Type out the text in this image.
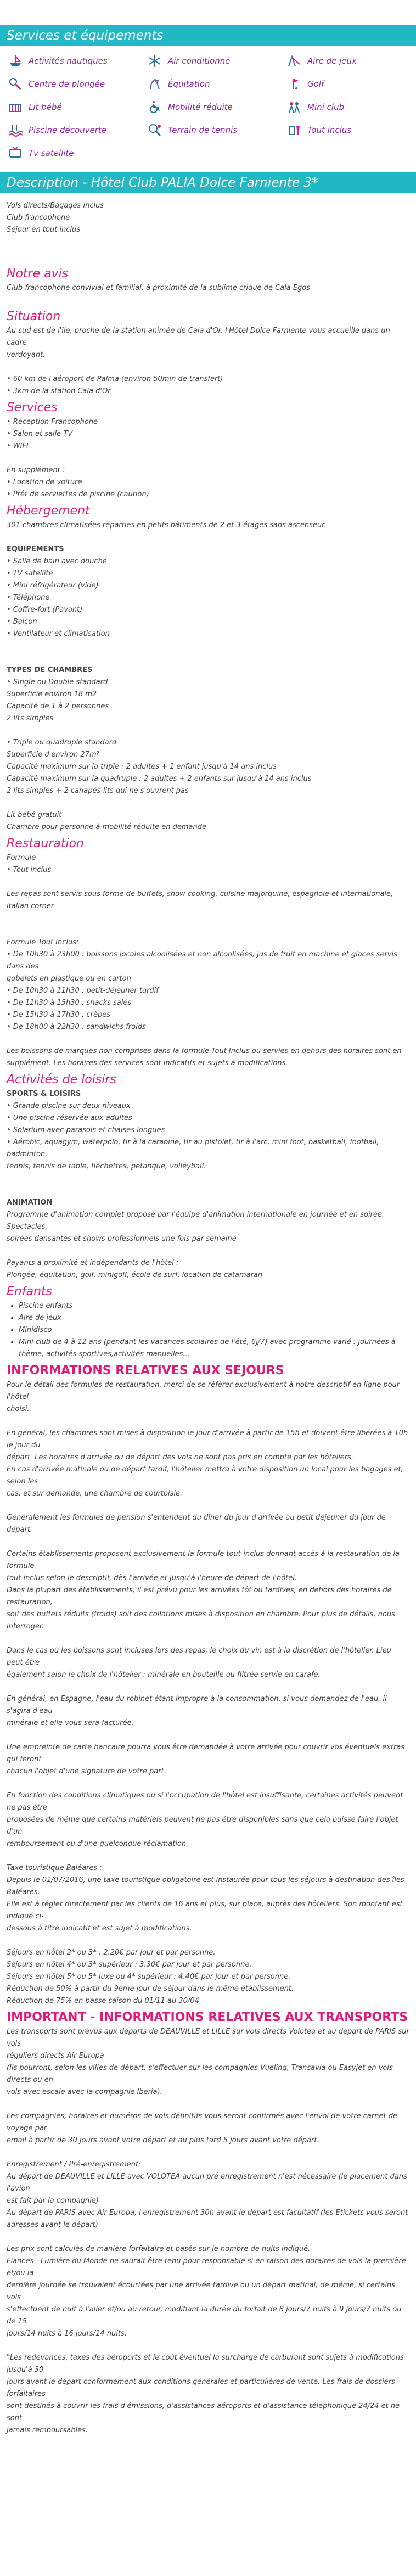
Services et équipements
Activités nautiques	Air conditionné	Aire de jeux
Centre de plongée	Équitation	Golf
Lit bébé	Mobilité réduite	Mini club
Piscine découverte	Terrain de tennis	Tout inclus
Tv satellite
Description - Hôtel Club PALIA Dolce Farniente 3*
Vols directs/Bagages inclus
Club francophone
Séjour en tout inclus
Notre avis
Club francophone convivial et familial, à proximité de la sublime crique de Cala Egos
Situation
Au sud est de l'île, proche de la station animée de Cala d'Or, l'Hôtel Dolce Farniente vous accueille dans un cadre
verdoyant.
• 60 km de l'aéroport de Palma (environ 50min de transfert)
• 3km de la station Cala d'Or
Services
• Réception Francophone
• Salon et salle TV
• WIFI
En supplément :
• Location de voiture
• Prêt de serviettes de piscine (caution)
Hébergement
301 chambres climatisées réparties en petits bâtiments de 2 et 3 étages sans ascenseur.
EQUIPEMENTS
• Salle de bain avec douche
• TV satellite
• Mini réfrigérateur (vide)
• Téléphone
• Coffre-fort (Payant)
• Balcon
• Ventilateur et climatisation
TYPES DE CHAMBRES
• Single ou Double standard
Superficie environ 18 m2
Capacité de 1 à 2 personnes
2 lits simples
• Triple ou quadruple standard
Superficie d'environ 27m²
Capacité maximum sur la triple : 2 adultes + 1 enfant jusqu'à 14 ans inclus
Capacité maximum sur la quadruple : 2 adultes + 2 enfants sur jusqu'à 14 ans inclus
2 lits simples + 2 canapés-lits qui ne s'ouvrent pas
Lit bébé gratuit
Chambre pour personne à mobilité réduite en demande
Restauration
Formule
• Tout inclus
Les repas sont servis sous forme de buffets, show cooking, cuisine majorquine, espagnole et internationale, italian corner
Formule Tout Inclus:
• De 10h30 à 23h00 : boissons locales alcoolisées et non alcoolisées, jus de fruit en machine et glaces servis dans des
gobelets en plastique ou en carton
• De 10h30 à 11h30 : petit-déjeuner tardif
• De 11h30 à 15h30 : snacks salés
• De 15h30 à 17h30 : crêpes
• De 18h00 à 22h30 : sandwichs froids
Les boissons de marques non comprises dans la formule Tout Inclus ou servies en dehors des horaires sont en
supplément. Les horaires des services sont indicatifs et sujets à modifications.
Activités de loisirs
SPORTS & LOISIRS
• Grande piscine sur deux niveaux
• Une piscine réservée aux adultes
• Solarium avec parasols et chaises longues
• Aérobic, aquagym, waterpolo, tir à la carabine, tir au pistolet, tir à l'arc, mini foot, basketball, football, badminton,
tennis, tennis de table, fléchettes, pétanque, volleyball.
ANIMATION
Programme d'animation complet proposé par l'équipe d'animation internationale en journée et en soirée. Spectacles,
soirées dansantes et shows professionnels une fois par semaine
Payants à proximité et indépendants de l'hôtel :
Plongée, équitation, golf, minigolf, école de surf, location de catamaran
Enfants
• Piscine enfants
• Aire de jeux
• Minidisco
• Mini club de 4 à 12 ans (pendant les vacances scolaires de l'été, 6j/7) avec programme varié : journées à thème, activités sportives,activités manuelles...
INFORMATIONS RELATIVES AUX SEJOURS
Pour le détail des formules de restauration, merci de se référer exclusivement à notre descriptif en ligne pour l'hôtel
choisi.
En général, les chambres sont mises à disposition le jour d'arrivée à partir de 15h et doivent être libérées à 10h le jour du
départ. Les horaires d'arrivée ou de départ des vols ne sont pas pris en compte par les hôteliers.
En cas d'arrivée matinale ou de départ tardif, l'hôtelier mettra à votre disposition un local pour les bagages et, selon les
cas, et sur demande, une chambre de courtoisie.
Généralement les formules de pension s'entendent du dîner du jour d'arrivée au petit déjeuner du jour de départ.
Certains établissements proposent exclusivement la formule tout-inclus donnant accès à la restauration de la formule
tout inclus selon le descriptif, dès l'arrivée et jusqu'à l'heure de départ de l'hôtel.
Dans la plupart des établissements, il est prévu pour les arrivées tôt ou tardives, en dehors des horaires de restauration,
soit des buffets réduits (froids) soit des collations mises à disposition en chambre. Pour plus de détails, nous interroger.
Dans le cas où les boissons sont incluses lors des repas, le choix du vin est à la discrétion de l'hôtelier. Lieu peut être
également selon le choix de l'hôtelier : minérale en bouteille ou filtrée servie en carafe.
En général, en Espagne, l'eau du robinet étant impropre à la consommation, si vous demandez de l'eau, il s'agira d'eau
minérale et elle vous sera facturée.
Une empreinte de carte bancaire pourra vous être demandée à votre arrivée pour couvrir vos éventuels extras qui feront
chacun l'objet d'une signature de votre part.
En fonction des conditions climatiques ou si l'occupation de l'hôtel est insuffisante, certaines activités peuvent ne pas être
proposées de même que certains matériels peuvent ne pas être disponibles sans que cela puisse faire l'objet d'un
remboursement ou d'une quelconque réclamation.
Taxe touristique Baléares :
Depuis le 01/07/2016, une taxe touristique obligatoire est instaurée pour tous les séjours à destination des îles Baléares.
Elle est à régler directement par les clients de 16 ans et plus, sur place, auprès des hôteliers. Son montant est indiqué ci-
dessous à titre indicatif et est sujet à modifications.
Séjours en hôtel 2* ou 3* : 2.20€ par jour et par personne.
Séjours en hôtel 4* ou 3* supérieur : 3.30€ par jour et par personne.
Séjours en hôtel 5* ou 5* luxe ou 4* supérieur : 4.40€ par jour et par personne.
Réduction de 50% à partir du 9ème jour de séjour dans le même établissement.
Réduction de 75% en basse saison du 01/11 au 30/04
IMPORTANT - INFORMATIONS RELATIVES AUX TRANSPORTS
Les transports sont prévus aux départs de DEAUVILLE et LILLE sur vols directs Volotea et au départ de PARIS sur vols
réguliers directs Air Europa
(Ils pourront, selon les villes de départ, s'effectuer sur les compagnies Vueling, Transavia ou Easyjet en vols directs ou en
vols avec escale avec la compagnie Iberia).
Les compagnies, horaires et numéros de vols définitifs vous seront confirmés avec l'envoi de votre carnet de voyage par
email à partir de 30 jours avant votre départ et au plus tard 5 jours avant votre départ.
Enregistrement / Pré-enregistrement:
Au départ de DEAUVILLE et LILLE avec VOLOTEA aucun pré enregistrement n'est nécessaire (le placement dans l'avion
est fait par la compagnie)
Au départ de PARIS avec Air Europa, l'enregistrement 30h avant le départ est facultatif (les Etickets vous seront
adressés avant le départ)
Les prix sont calculés de manière forfaitaire et basés sur le nombre de nuits indiqué.
Fiances - Lumière du Monde ne saurait être tenu pour responsable si en raison des horaires de vols la première et/ou la
dernière journée se trouvaient écourtées par une arrivée tardive ou un départ matinal, de même, si certains vols
s'effectuent de nuit à l'aller et/ou au retour, modifiant la durée du forfait de 8 jours/7 nuits à 9 jours/7 nuits ou de 15
jours/14 nuits à 16 jours/14 nuits.
"Les redevances, taxes des aéroports et le coût éventuel la surcharge de carburant sont sujets à modifications jusqu'à 30
jours avant le départ conformément aux conditions générales et particulières de vente. Les frais de dossiers forfaitaires
sont destinés à couvrir les frais d'émissions, d'assistances aéroports et d'assistance téléphonique 24/24 et ne sont
jamais remboursables.
